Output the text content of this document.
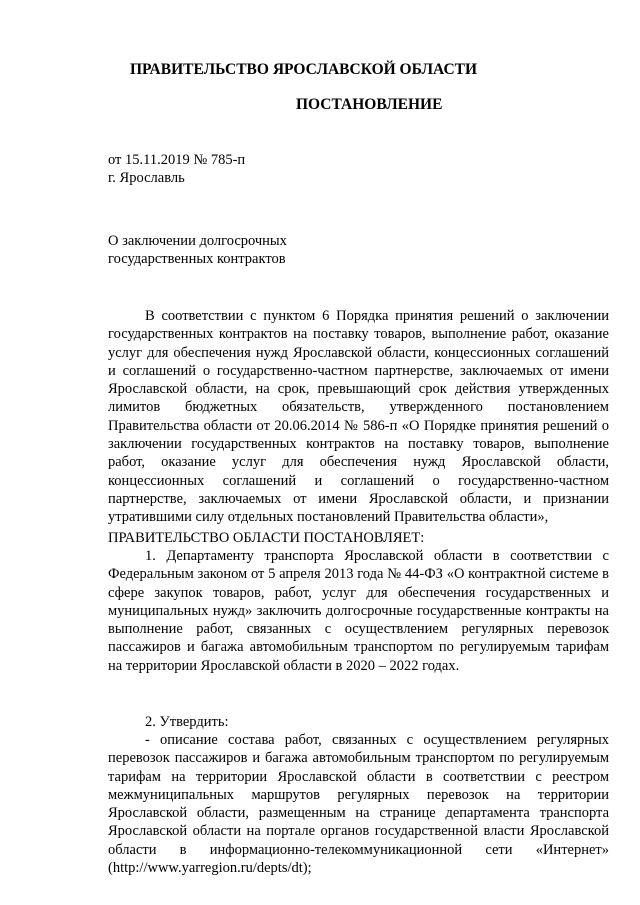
ПРАВИТЕЛЬСТВО ЯРОСЛАВСКОЙ ОБЛАСТИ

ПОСТАНОВЛЕНИЕ

от 15.11.2019 № 785-п

г. Ярославль

О заключении долгосрочных
государственных контрактов

В соответствии с пунктом 6 Порядка принятия решений о заключении государственных контрактов на поставку товаров, выполнение работ, оказание услуг для обеспечения нужд Ярославской области, концессионных соглашений и соглашений о государственно-частном партнерстве, заключаемых от имени Ярославской области, на срок, превышающий срок действия утвержденных лимитов бюджетных обязательств, утвержденного постановлением Правительства области от 20.06.2014 № 586-п «О Порядке принятия решений о заключении государственных контрактов на поставку товаров, выполнение работ, оказание услуг для обеспечения нужд Ярославской области, концессионных соглашений и соглашений о государственно-частном партнерстве, заключаемых от имени Ярославской области, и признании утратившими силу отдельных постановлений Правительства области»,

ПРАВИТЕЛЬСТВО ОБЛАСТИ ПОСТАНОВЛЯЕТ:

1. Департаменту транспорта Ярославской области в соответствии с Федеральным законом от 5 апреля 2013 года № 44-ФЗ «О контрактной системе в сфере закупок товаров, работ, услуг для обеспечения государственных и муниципальных нужд» заключить долгосрочные государственные контракты на выполнение работ, связанных с осуществлением регулярных перевозок пассажиров и багажа автомобильным транспортом по регулируемым тарифам на территории Ярославской области в 2020 – 2022 годах.

2. Утвердить:

- описание состава работ, связанных с осуществлением регулярных перевозок пассажиров и багажа автомобильным транспортом по регулируемым тарифам на территории Ярославской области в соответствии с реестром межмуниципальных маршрутов регулярных перевозок на территории Ярославской области, размещенным на странице департамента транспорта Ярославской области на портале органов государственной власти Ярославской области в информационно-телекоммуникационной сети «Интернет» (http://www.yarregion.ru/depts/dt);
